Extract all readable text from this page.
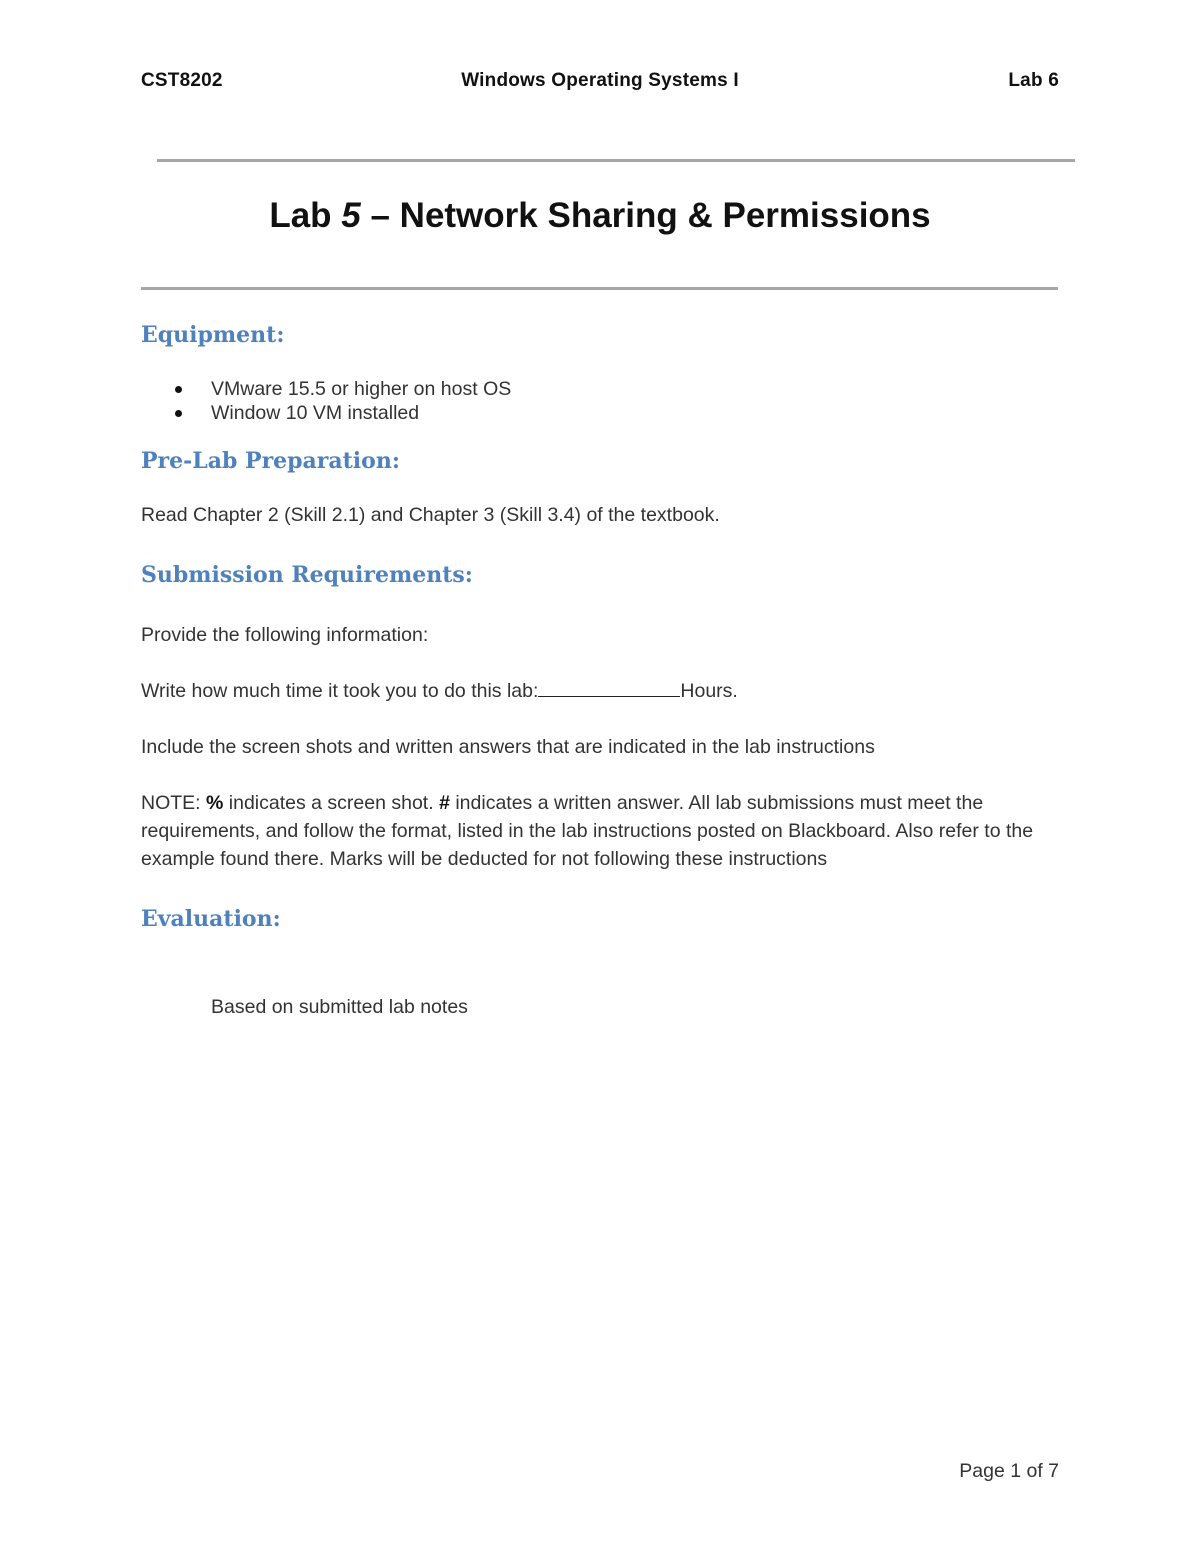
CST8202	Windows Operating Systems I	Lab 6
Lab 5 – Network Sharing & Permissions
Equipment:
VMware 15.5 or higher on host OS
Window 10 VM installed
Pre-Lab Preparation:
Read Chapter 2 (Skill 2.1) and Chapter 3 (Skill 3.4) of the textbook.
Submission Requirements:
Provide the following information:
Write how much time it took you to do this lab:	Hours.
Include the screen shots and written answers that are indicated in the lab instructions
NOTE: % indicates a screen shot. # indicates a written answer. All lab submissions must meet the requirements, and follow the format, listed in the lab instructions posted on Blackboard. Also refer to the example found there. Marks will be deducted for not following these instructions
Evaluation:
Based on submitted lab notes
Page 1 of 7
